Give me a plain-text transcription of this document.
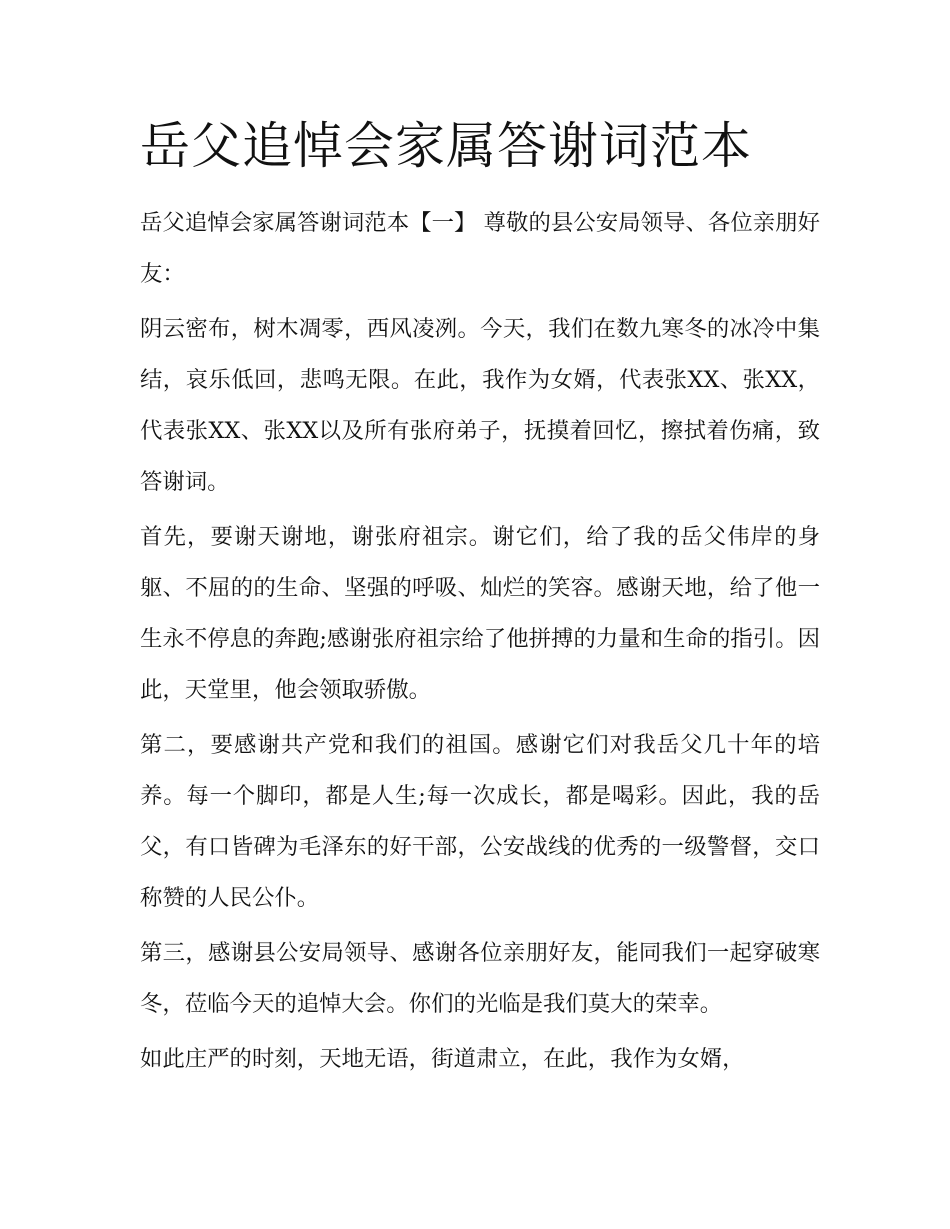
岳父追悼会家属答谢词范本

岳父追悼会家属答谢词范本【一】 尊敬的县公安局领导、各位亲朋好友：

阴云密布，树木凋零，西风凌冽。今天，我们在数九寒冬的冰冷中集结，哀乐低回，悲鸣无限。在此，我作为女婿，代表张XX、张XX，代表张XX、张XX以及所有张府弟子，抚摸着回忆，擦拭着伤痛，致答谢词。

首先，要谢天谢地，谢张府祖宗。谢它们，给了我的岳父伟岸的身躯、不屈的的生命、坚强的呼吸、灿烂的笑容。感谢天地，给了他一生永不停息的奔跑;感谢张府祖宗给了他拼搏的力量和生命的指引。因此，天堂里，他会领取骄傲。

第二，要感谢共产党和我们的祖国。感谢它们对我岳父几十年的培养。每一个脚印，都是人生;每一次成长，都是喝彩。因此，我的岳父，有口皆碑为毛泽东的好干部，公安战线的优秀的一级警督，交口称赞的人民公仆。

第三，感谢县公安局领导、感谢各位亲朋好友，能同我们一起穿破寒冬，莅临今天的追悼大会。你们的光临是我们莫大的荣幸。

如此庄严的时刻，天地无语，街道肃立，在此，我作为女婿，
